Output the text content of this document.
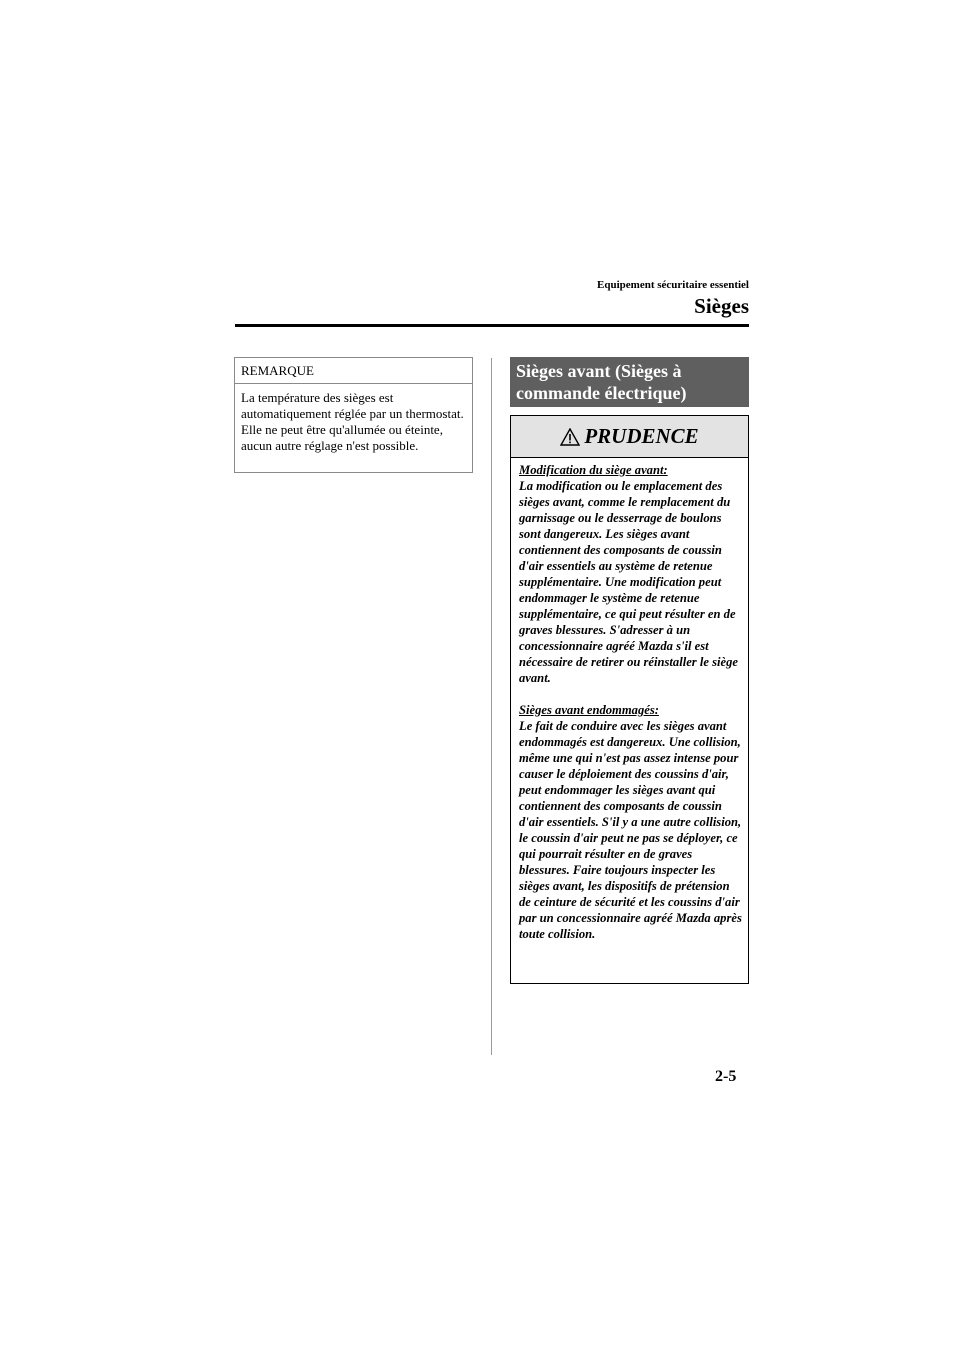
Equipement sécuritaire essentiel
Sièges
REMARQUE
La température des sièges est automatiquement réglée par un thermostat. Elle ne peut être qu'allumée ou éteinte, aucun autre réglage n'est possible.
Sièges avant (Sièges à commande électrique)
PRUDENCE

Modification du siège avant:

La modification ou le emplacement des sièges avant, comme le remplacement du garnissage ou le desserrage de boulons sont dangereux. Les sièges avant contiennent des composants de coussin d'air essentiels au système de retenue supplémentaire. Une modification peut endommager le système de retenue supplémentaire, ce qui peut résulter en de graves blessures. S'adresser à un concessionnaire agréé Mazda s'il est nécessaire de retirer ou réinstaller le siège avant.

Sièges avant endommagés:

Le fait de conduire avec les sièges avant endommagés est dangereux. Une collision, même une qui n'est pas assez intense pour causer le déploiement des coussins d'air, peut endommager les sièges avant qui contiennent des composants de coussin d'air essentiels. S'il y a une autre collision, le coussin d'air peut ne pas se déployer, ce qui pourrait résulter en de graves blessures. Faire toujours inspecter les sièges avant, les dispositifs de prétension de ceinture de sécurité et les coussins d'air par un concessionnaire agréé Mazda après toute collision.

2-5
